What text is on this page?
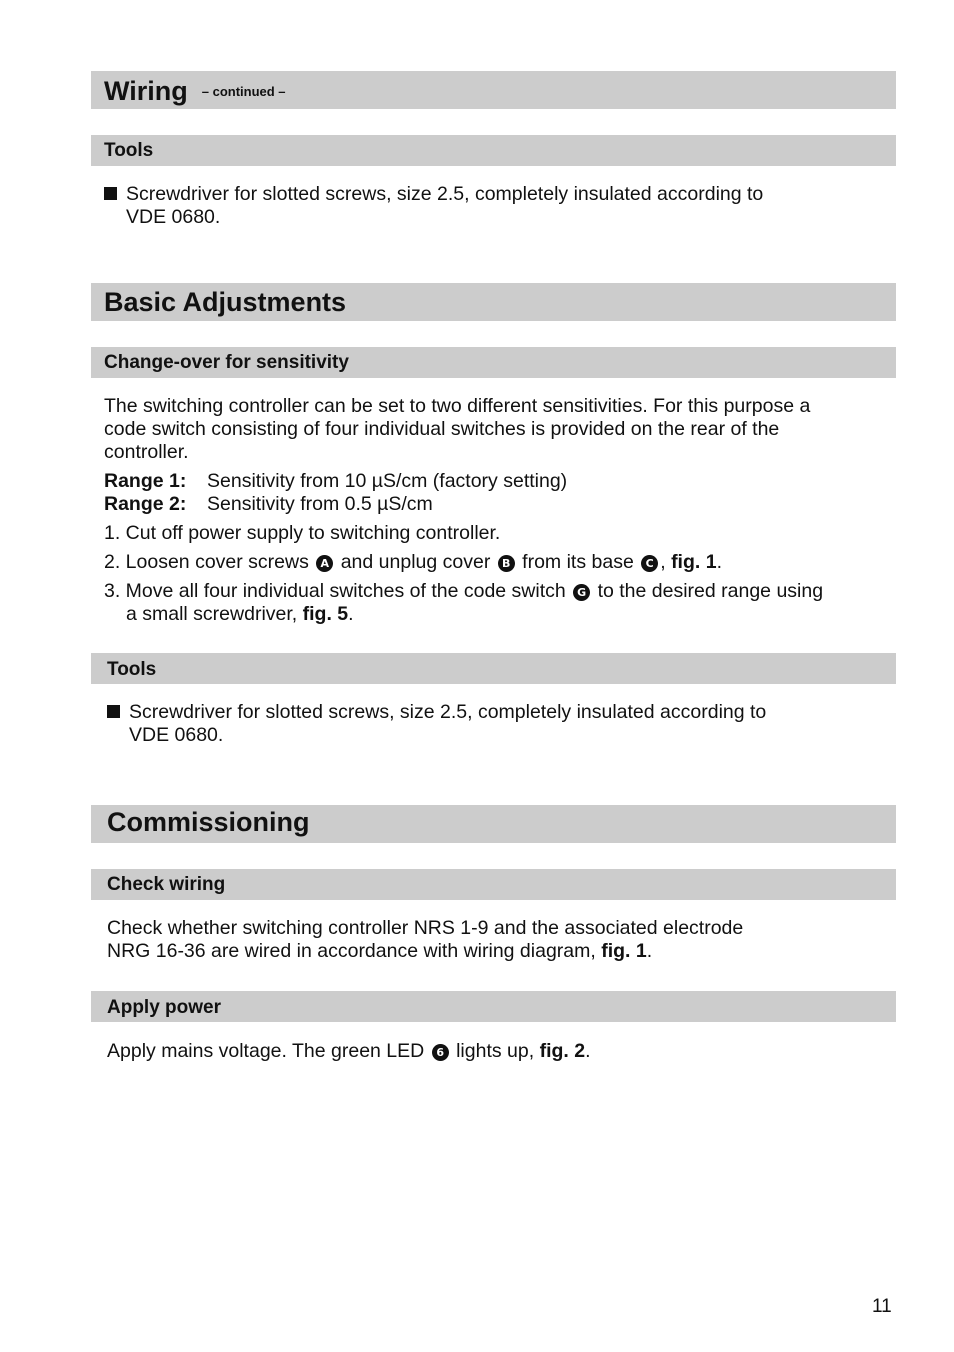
Wiring $^{- continued -}$
Tools
Screwdriver for slotted screws, size 2.5, completely insulated according to
VDE 0680.
Basic Adjustments
Change-over for sensitivity
The switching controller can be set to two different sensitivities. For this purpose a
code switch consisting of four individual switches is provided on the rear of the
controller.
Range 1: Sensitivity from 10 µS/cm (factory setting)
Range 2: Sensitivity from 0.5 µS/cm
1. Cut off power supply to switching controller.
2. Loosen cover screws A and unplug cover B from its base C , fig. 1.
3. Move all four individual switches of the code switch G to the desired range using
a small screwdriver, fig. 5.
Tools
Screwdriver for slotted screws, size 2.5, completely insulated according to
VDE 0680.
Commissioning
Check wiring
Check whether switching controller NRS 1-9 and the associated electrode
NRG 16-36 are wired in accordance with wiring diagram, fig. 1.
Apply power
Apply mains voltage. The green LED 6 lights up, fig. 2.
11
